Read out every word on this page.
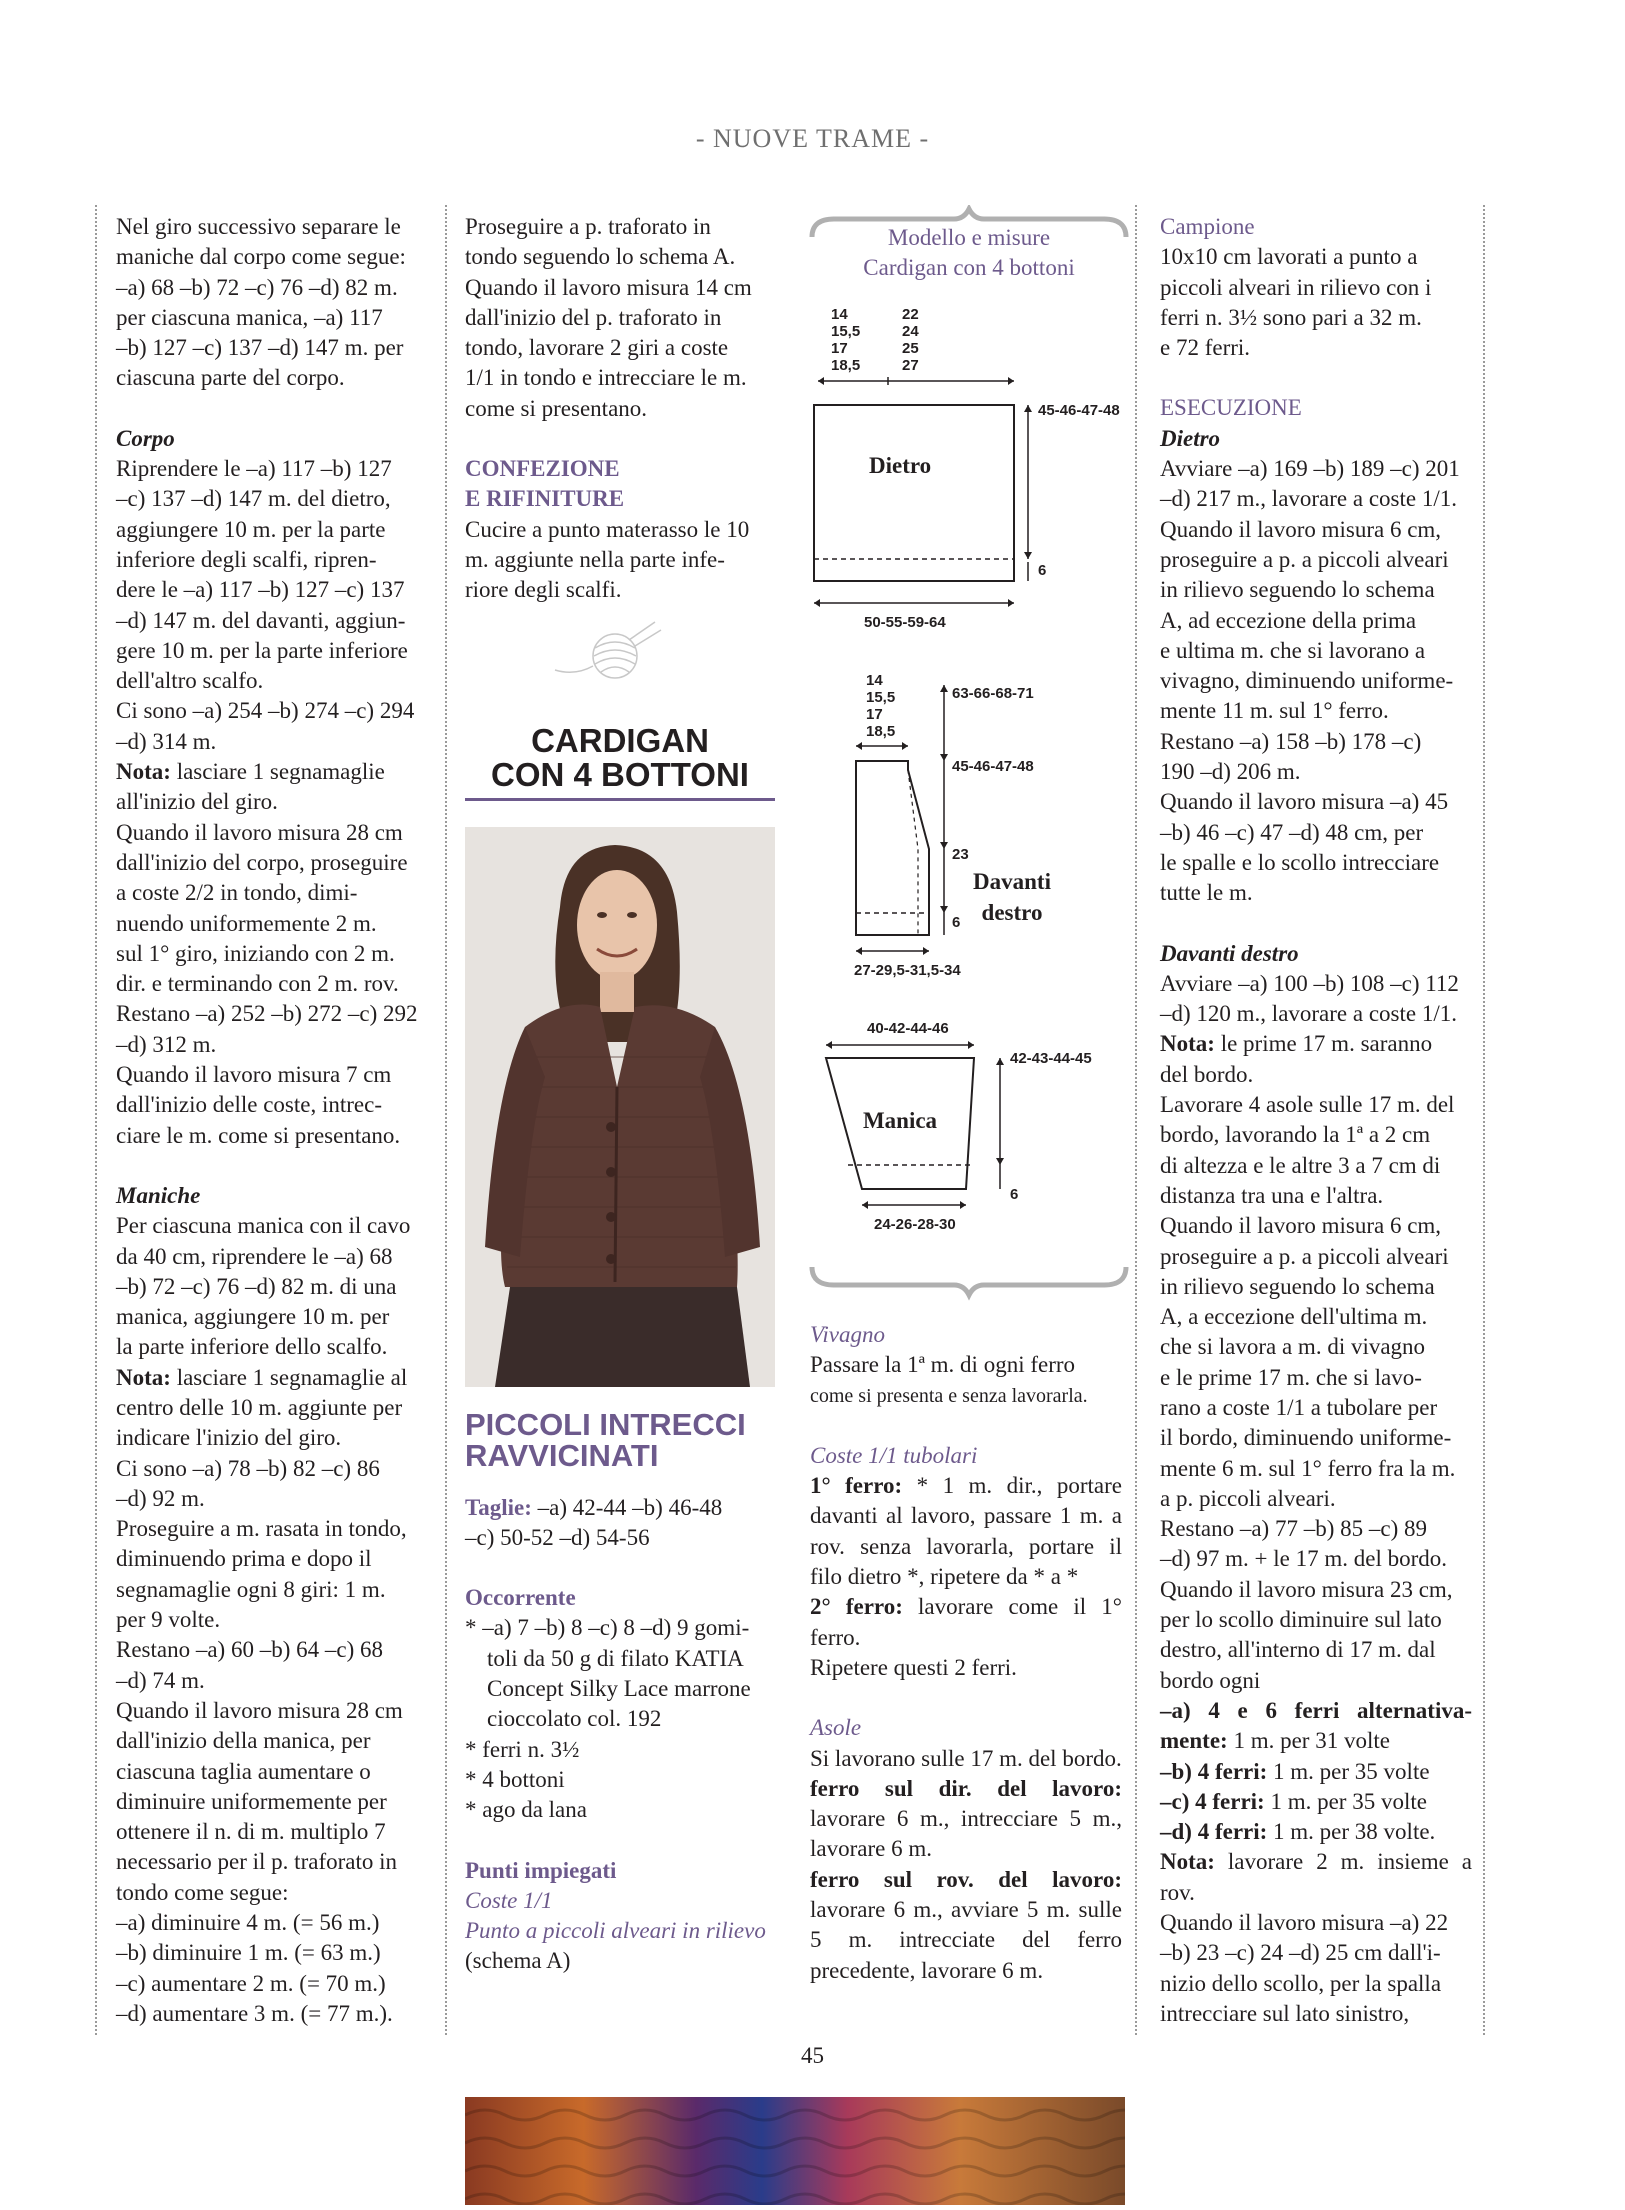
- NUOVE TRAME -

Nel giro successivo separare le

maniche dal corpo come segue:

–a) 68 –b) 72 –c) 76 –d) 82 m.

per ciascuna manica, –a) 117

–b) 127 –c) 137 –d) 147 m. per

ciascuna parte del corpo.

Corpo

Riprendere le –a) 117 –b) 127

–c) 137 –d) 147 m. del dietro,

aggiungere 10 m. per la parte

inferiore degli scalfi, ripren-

dere le –a) 117 –b) 127 –c) 137

–d) 147 m. del davanti, aggiun-

gere 10 m. per la parte inferiore

dell'altro scalfo.

Ci sono –a) 254 –b) 274 –c) 294

–d) 314 m.

Nota: lasciare 1 segnamaglie

all'inizio del giro.

Quando il lavoro misura 28 cm

dall'inizio del corpo, proseguire

a coste 2/2 in tondo, dimi-

nuendo uniformemente 2 m.

sul 1° giro, iniziando con 2 m.

dir. e terminando con 2 m. rov.

Restano –a) 252 –b) 272 –c) 292

–d) 312 m.

Quando il lavoro misura 7 cm

dall'inizio delle coste, intrec-

ciare le m. come si presentano.

Maniche

Per ciascuna manica con il cavo

da 40 cm, riprendere le –a) 68

–b) 72 –c) 76 –d) 82 m. di una

manica, aggiungere 10 m. per

la parte inferiore dello scalfo.

Nota: lasciare 1 segnamaglie al

centro delle 10 m. aggiunte per

indicare l'inizio del giro.

Ci sono –a) 78 –b) 82 –c) 86

–d) 92 m.

Proseguire a m. rasata in tondo,

diminuendo prima e dopo il

segnamaglie ogni 8 giri: 1 m.

per 9 volte.

Restano –a) 60 –b) 64 –c) 68

–d) 74 m.

Quando il lavoro misura 28 cm

dall'inizio della manica, per

ciascuna taglia aumentare o

diminuire uniformemente per

ottenere il n. di m. multiplo 7

necessario per il p. traforato in

tondo come segue:

–a) diminuire 4 m. (= 56 m.)

–b) diminuire 1 m. (= 63 m.)

–c) aumentare 2 m. (= 70 m.)

–d) aumentare 3 m. (= 77 m.).

Proseguire a p. traforato in

tondo seguendo lo schema A.

Quando il lavoro misura 14 cm

dall'inizio del p. traforato in

tondo, lavorare 2 giri a coste

1/1 in tondo e intrecciare le m.

come si presentano.

CONFEZIONE

E RIFINITURE

Cucire a punto materasso le 10

m. aggiunte nella parte infe-

riore degli scalfi.

CARDIGAN

CON 4 BOTTONI

PICCOLI INTRECCI

RAVVICINATI

Taglie: –a) 42-44 –b) 46-48

–c) 50-52 –d) 54-56

Occorrente

* –a) 7 –b) 8 –c) 8 –d) 9 gomi-toli da 50 g di filato KATIA Concept Silky Lace marrone cioccolato col. 192

* ferri n. 3½

* 4 bottoni

* ago da lana

Punti impiegati

Coste 1/1

Punto a piccoli alveari in rilievo

(schema A)

Modello e misure
Cardigan con 4 bottoni
14
15,5
17
18,5
22
24
25
27
Dietro
45-46-47-48
6
50-55-59-64
14
15,5
17
18,5
63-66-68-71
45-46-47-48
23
6
Davanti
destro
27-29,5-31,5-34
40-42-44-46
Manica
42-43-44-45
6
24-26-28-30

Vivagno

Passare la 1ª m. di ogni ferro

come si presenta e senza lavorarla.

Coste 1/1 tubolari

1° ferro: * 1 m. dir., portare davanti al lavoro, passare 1 m. a rov. senza lavorarla, portare il filo dietro *, ripetere da * a *

2° ferro: lavorare come il 1° ferro.

Ripetere questi 2 ferri.

Asole

Si lavorano sulle 17 m. del bordo.

ferro sul dir. del lavoro: lavorare 6 m., intrecciare 5 m., lavorare 6 m.

ferro sul rov. del lavoro: lavorare 6 m., avviare 5 m. sulle 5 m. intrecciate del ferro precedente, lavorare 6 m.

Campione

10x10 cm lavorati a punto a

piccoli alveari in rilievo con i

ferri n. 3½ sono pari a 32 m.

e 72 ferri.

ESECUZIONE

Dietro

Avviare –a) 169 –b) 189 –c) 201

–d) 217 m., lavorare a coste 1/1.

Quando il lavoro misura 6 cm,

proseguire a p. a piccoli alveari

in rilievo seguendo lo schema

A, ad eccezione della prima

e ultima m. che si lavorano a

vivagno, diminuendo uniforme-

mente 11 m. sul 1° ferro.

Restano –a) 158 –b) 178 –c)

190 –d) 206 m.

Quando il lavoro misura –a) 45

–b) 46 –c) 47 –d) 48 cm, per

le spalle e lo scollo intrecciare

tutte le m.

Davanti destro

Avviare –a) 100 –b) 108 –c) 112

–d) 120 m., lavorare a coste 1/1.

Nota: le prime 17 m. saranno

del bordo.

Lavorare 4 asole sulle 17 m. del

bordo, lavorando la 1ª a 2 cm

di altezza e le altre 3 a 7 cm di

distanza tra una e l'altra.

Quando il lavoro misura 6 cm,

proseguire a p. a piccoli alveari

in rilievo seguendo lo schema

A, a eccezione dell'ultima m.

che si lavora a m. di vivagno

e le prime 17 m. che si lavo-

rano a coste 1/1 a tubolare per

il bordo, diminuendo uniforme-

mente 6 m. sul 1° ferro fra la m.

a p. piccoli alveari.

Restano –a) 77 –b) 85 –c) 89

–d) 97 m. + le 17 m. del bordo.

Quando il lavoro misura 23 cm,

per lo scollo diminuire sul lato

destro, all'interno di 17 m. dal

bordo ogni

–a) 4 e 6 ferri alternativa-mente: 1 m. per 31 volte

–b) 4 ferri: 1 m. per 35 volte

–c) 4 ferri: 1 m. per 35 volte

–d) 4 ferri: 1 m. per 38 volte.

Nota: lavorare 2 m. insieme a rov.

Quando il lavoro misura –a) 22

–b) 23 –c) 24 –d) 25 cm dall'i-

nizio dello scollo, per la spalla

intrecciare sul lato sinistro,

45
